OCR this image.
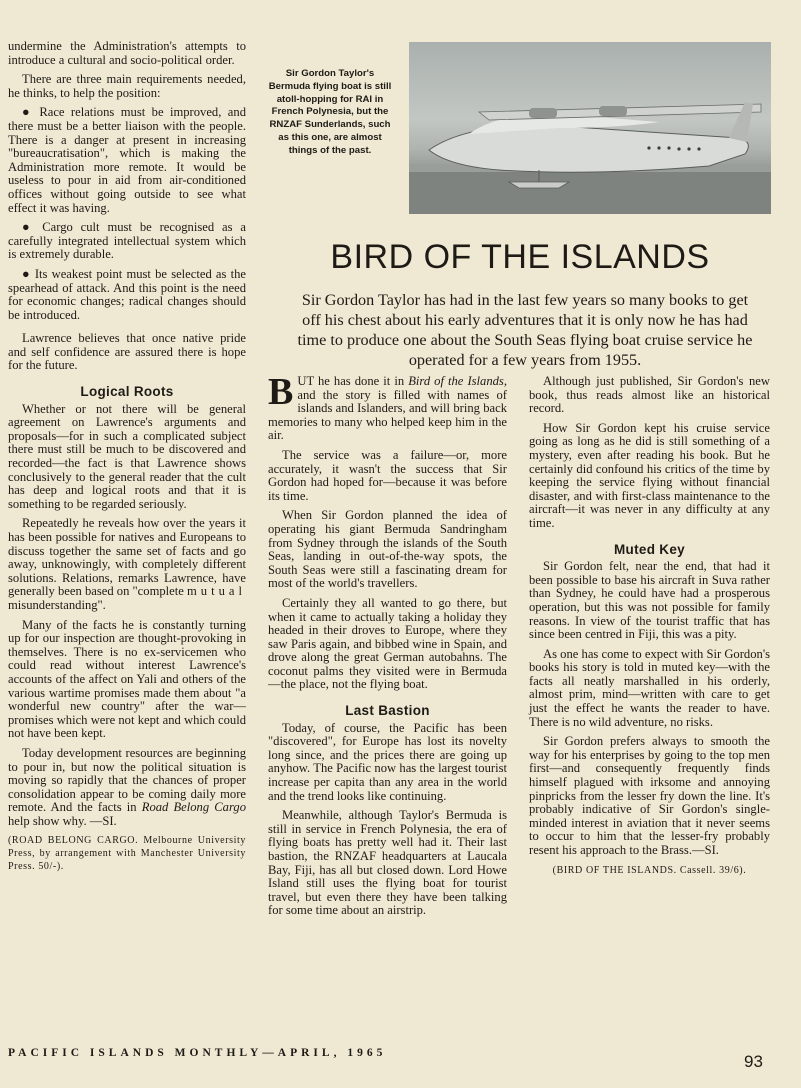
undermine the Administration's attempts to introduce a cultural and socio-political order.

There are three main requirements needed, he thinks, to help the position:

● Race relations must be improved, and there must be a better liaison with the people. There is a danger at present in increasing "bureaucratisation", which is making the Administration more remote. It would be useless to pour in aid from air-conditioned offices without going outside to see what effect it was having.

● Cargo cult must be recognised as a carefully integrated intellectual system which is extremely durable.

● Its weakest point must be selected as the spearhead of attack. And this point is the need for economic changes; radical changes should be introduced.

Lawrence believes that once native pride and self confidence are assured there is hope for the future.

Logical Roots

Whether or not there will be general agreement on Lawrence's arguments and proposals—for in such a complicated subject there must still be much to be discovered and recorded—the fact is that Lawrence shows conclusively to the general reader that the cult has deep and logical roots and that it is something to be regarded seriously.

Repeatedly he reveals how over the years it has been possible for natives and Europeans to discuss together the same set of facts and go away, unknowingly, with completely different solutions. Relations, remarks Lawrence, have generally been based on "complete mutual misunderstanding".

Many of the facts he is constantly turning up for our inspection are thought-provoking in themselves. There is no ex-servicemen who could read without interest Lawrence's accounts of the affect on Yali and others of the various wartime promises made them about "a wonderful new country" after the war—promises which were not kept and which could not have been kept.

Today development resources are beginning to pour in, but now the political situation is moving so rapidly that the chances of proper consolidation appear to be coming daily more remote. And the facts in Road Belong Cargo help show why. —SI.

(ROAD BELONG CARGO. Melbourne University Press, by arrangement with Manchester University Press. 50/-).

Sir Gordon Taylor's Bermuda flying boat is still atoll-hopping for RAI in French Polynesia, but the RNZAF Sunderlands, such as this one, are almost things of the past.
BIRD OF THE ISLANDS

Sir Gordon Taylor has had in the last few years so many books to get off his chest about his early adventures that it is only now he has had time to produce one about the South Seas flying boat cruise service he operated for a few years from 1955.

BUT he has done it in Bird of the Islands, and the story is filled with names of islands and Islanders, and will bring back memories to many who helped keep him in the air.

The service was a failure—or, more accurately, it wasn't the success that Sir Gordon had hoped for—because it was before its time.

When Sir Gordon planned the idea of operating his giant Bermuda Sandringham from Sydney through the islands of the South Seas, landing in out-of-the-way spots, the South Seas were still a fascinating dream for most of the world's travellers.

Certainly they all wanted to go there, but when it came to actually taking a holiday they headed in their droves to Europe, where they saw Paris again, and bibbed wine in Spain, and drove along the great German autobahns. The coconut palms they visited were in Bermuda —the place, not the flying boat.

Last Bastion

Today, of course, the Pacific has been "discovered", for Europe has lost its novelty long since, and the prices there are going up anyhow. The Pacific now has the largest tourist increase per capita than any area in the world and the trend looks like continuing.

Meanwhile, although Taylor's Bermuda is still in service in French Polynesia, the era of flying boats has pretty well had it. Their last bastion, the RNZAF headquarters at Laucala Bay, Fiji, has all but closed down. Lord Howe Island still uses the flying boat for tourist travel, but even there they have been talking for some time about an airstrip.

Although just published, Sir Gordon's new book, thus reads almost like an historical record.

How Sir Gordon kept his cruise service going as long as he did is still something of a mystery, even after reading his book. But he certainly did confound his critics of the time by keeping the service flying without financial disaster, and with first-class maintenance to the aircraft—it was never in any difficulty at any time.

Muted Key

Sir Gordon felt, near the end, that had it been possible to base his aircraft in Suva rather than Sydney, he could have had a prosperous operation, but this was not possible for family reasons. In view of the tourist traffic that has since been centred in Fiji, this was a pity.

As one has come to expect with Sir Gordon's books his story is told in muted key—with the facts all neatly marshalled in his orderly, almost prim, mind—written with care to get just the effect he wants the reader to have. There is no wild adventure, no risks.

Sir Gordon prefers always to smooth the way for his enterprises by going to the top men first—and consequently frequently finds himself plagued with irksome and annoying pinpricks from the lesser fry down the line. It's probably indicative of Sir Gordon's single-minded interest in aviation that it never seems to occur to him that the lesser-fry probably resent his approach to the Brass.—SI.

(BIRD OF THE ISLANDS. Cassell. 39/6).

PACIFIC ISLANDS MONTHLY—APRIL, 1965	93
